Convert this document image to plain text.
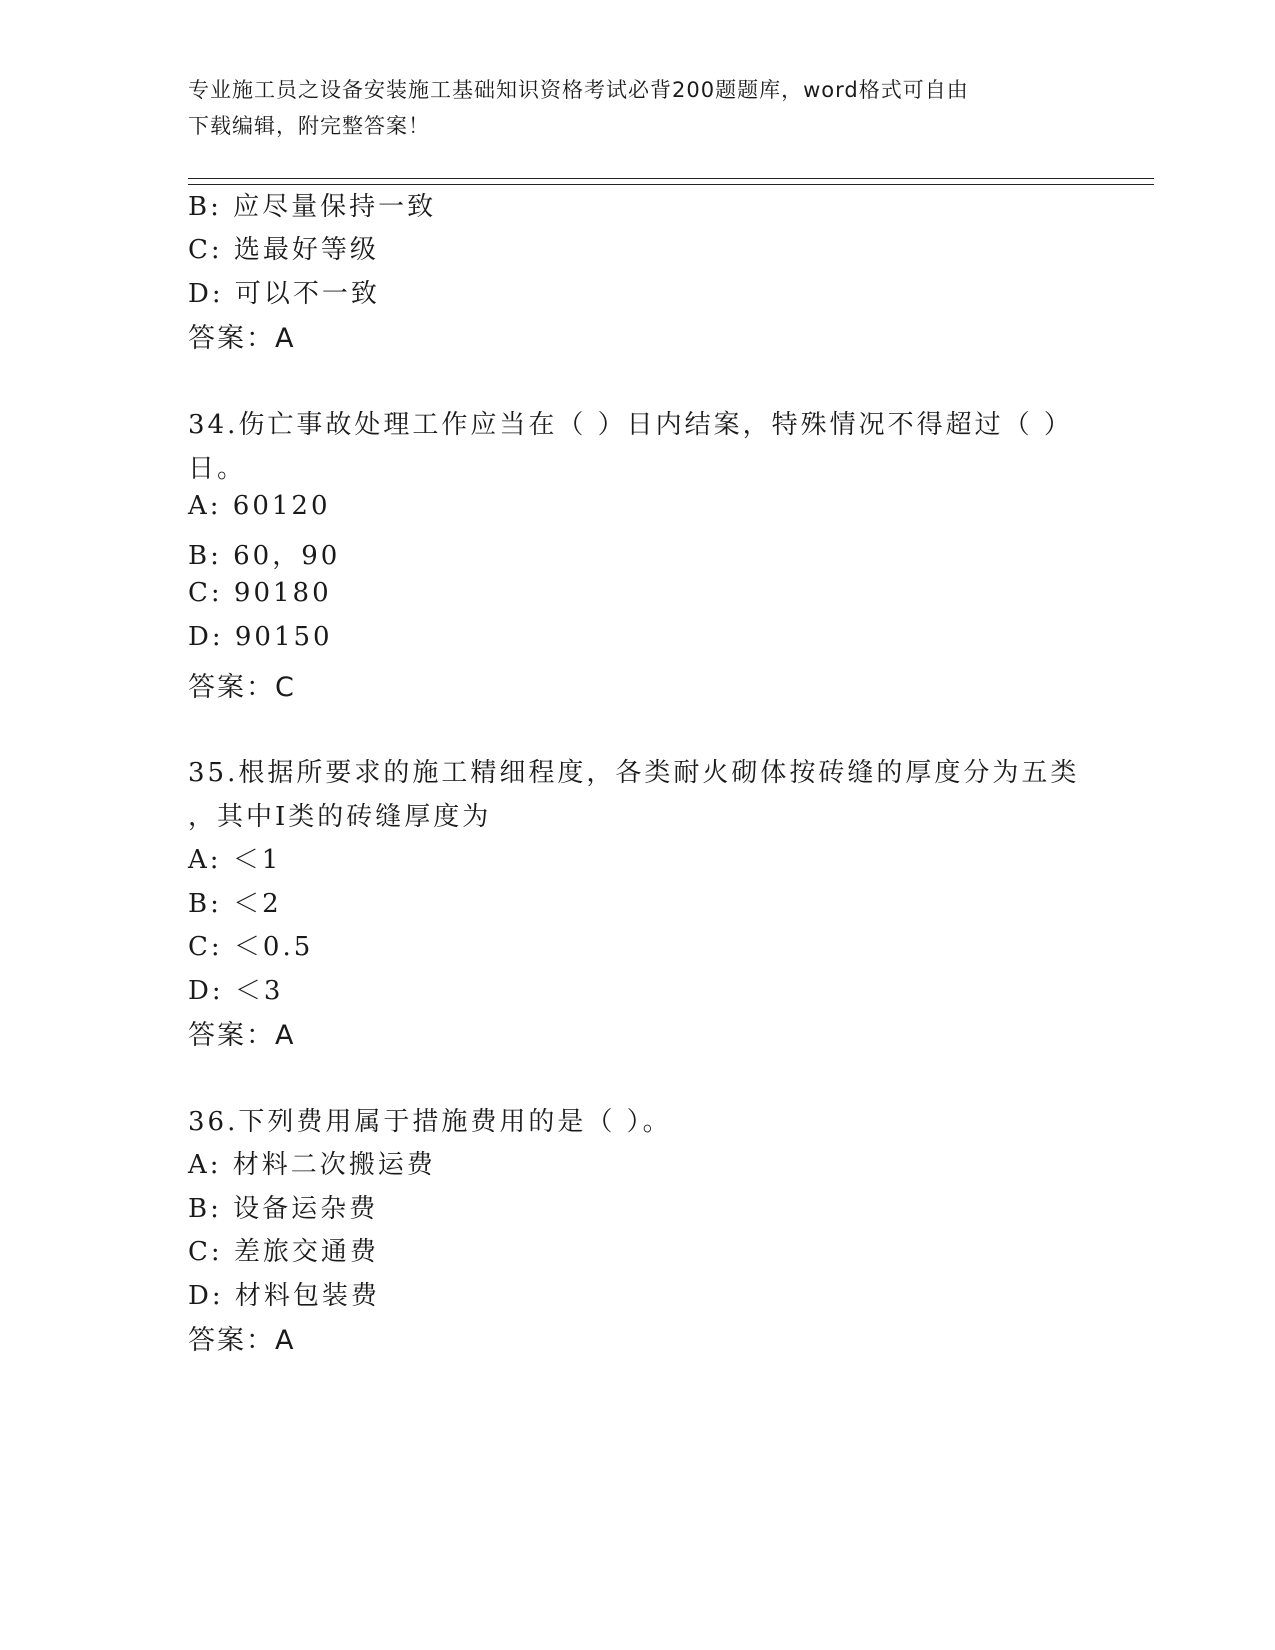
专业施工员之设备安装施工基础知识资格考试必背200题题库，word格式可自由
下载编辑，附完整答案！
B: 应尽量保持一致
C: 选最好等级
D: 可以不一致
答案：A
34.伤亡事故处理工作应当在（ ）日内结案，特殊情况不得超过（ ）
日。
A: 60120
B: 60，90
C: 90180
D: 90150
答案：C
35.根据所要求的施工精细程度，各类耐火砌体按砖缝的厚度分为五类
，其中Ⅰ类的砖缝厚度为
A: ＜1
B: ＜2
C: ＜0.5
D: ＜3
答案：A
36.下列费用属于措施费用的是（ ）。
A: 材料二次搬运费
B: 设备运杂费
C: 差旅交通费
D: 材料包装费
答案：A
